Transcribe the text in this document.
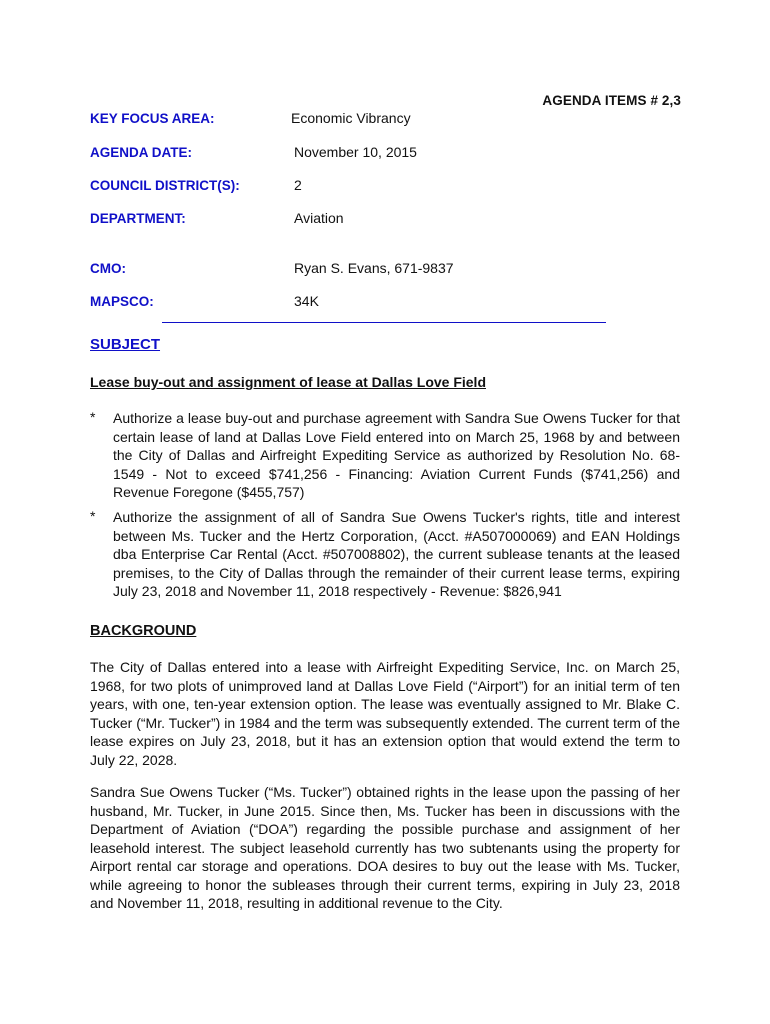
AGENDA ITEMS # 2,3
KEY FOCUS AREA:	Economic Vibrancy
AGENDA DATE:	November 10, 2015
COUNCIL DISTRICT(S):	2
DEPARTMENT:	Aviation
CMO:	Ryan S. Evans, 671-9837
MAPSCO:	34K
SUBJECT
Lease buy-out and assignment of lease at Dallas Love Field
* Authorize a lease buy-out and purchase agreement with Sandra Sue Owens Tucker for that certain lease of land at Dallas Love Field entered into on March 25, 1968 by and between the City of Dallas and Airfreight Expediting Service as authorized by Resolution No. 68-1549 - Not to exceed $741,256 - Financing: Aviation Current Funds ($741,256) and Revenue Foregone ($455,757)
* Authorize the assignment of all of Sandra Sue Owens Tucker's rights, title and interest between Ms. Tucker and the Hertz Corporation, (Acct. #A507000069) and EAN Holdings dba Enterprise Car Rental (Acct. #507008802), the current sublease tenants at the leased premises, to the City of Dallas through the remainder of their current lease terms, expiring July 23, 2018 and November 11, 2018 respectively - Revenue: $826,941
BACKGROUND
The City of Dallas entered into a lease with Airfreight Expediting Service, Inc. on March 25, 1968, for two plots of unimproved land at Dallas Love Field (“Airport”) for an initial term of ten years, with one, ten-year extension option. The lease was eventually assigned to Mr. Blake C. Tucker (“Mr. Tucker”) in 1984 and the term was subsequently extended. The current term of the lease expires on July 23, 2018, but it has an extension option that would extend the term to July 22, 2028.
Sandra Sue Owens Tucker (“Ms. Tucker”) obtained rights in the lease upon the passing of her husband, Mr. Tucker, in June 2015. Since then, Ms. Tucker has been in discussions with the Department of Aviation (“DOA”) regarding the possible purchase and assignment of her leasehold interest. The subject leasehold currently has two subtenants using the property for Airport rental car storage and operations. DOA desires to buy out the lease with Ms. Tucker, while agreeing to honor the subleases through their current terms, expiring in July 23, 2018 and November 11, 2018, resulting in additional revenue to the City.
